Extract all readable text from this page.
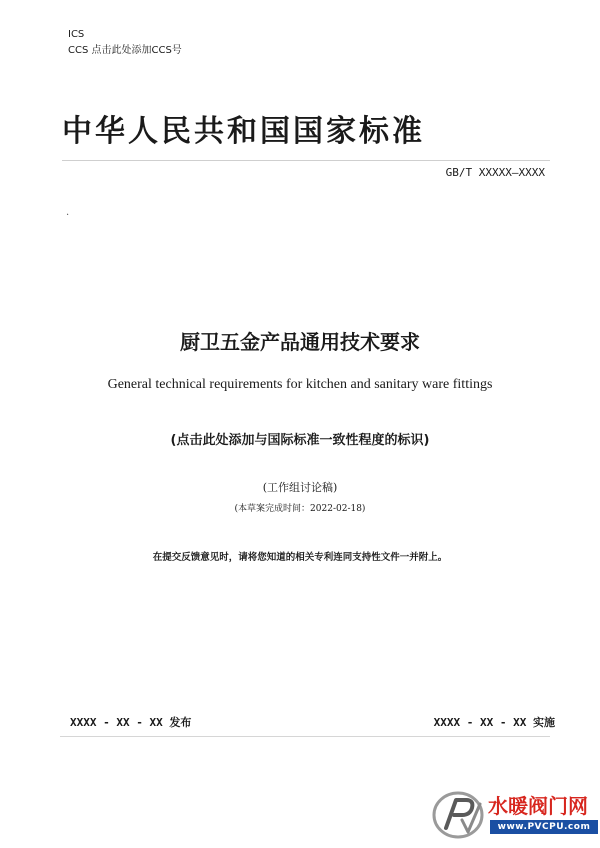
ICS
CCS 点击此处添加CCS号
中华人民共和国国家标准
GB/T XXXXX—XXXX
.
厨卫五金产品通用技术要求
General technical requirements for kitchen and sanitary ware fittings
(点击此处添加与国际标准一致性程度的标识)
(工作组讨论稿)
(本草案完成时间：2022-02-18)
在提交反馈意见时，请将您知道的相关专利连同支持性文件一并附上。
XXXX - XX - XX 发布	XXXX - XX - XX 实施
水暖阀门网
www.PVCPU.com
